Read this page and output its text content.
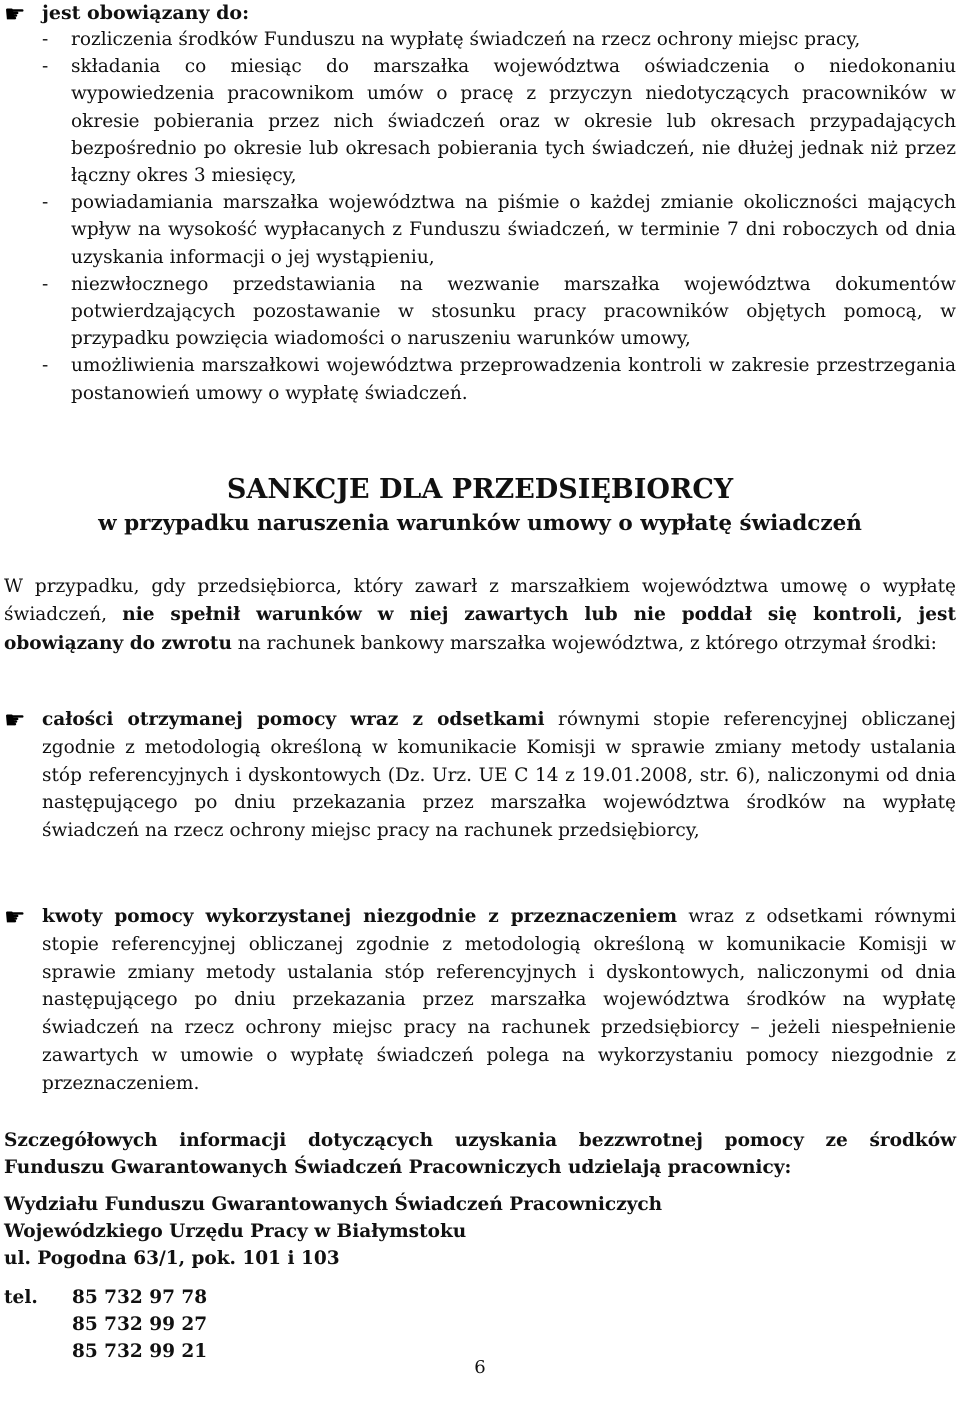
☛ jest obowiązany do:
- rozliczenia środków Funduszu na wypłatę świadczeń na rzecz ochrony miejsc pracy,
- składania co miesiąc do marszałka województwa oświadczenia o niedokonaniu wypowiedzenia pracownikom umów o pracę z przyczyn niedotyczących pracowników w okresie pobierania przez nich świadczeń oraz w okresie lub okresach przypadających bezpośrednio po okresie lub okresach pobierania tych świadczeń, nie dłużej jednak niż przez łączny okres 3 miesięcy,
- powiadamiania marszałka województwa na piśmie o każdej zmianie okoliczności mających wpływ na wysokość wypłacanych z Funduszu świadczeń, w terminie 7 dni roboczych od dnia uzyskania informacji o jej wystąpieniu,
- niezwłocznego przedstawiania na wezwanie marszałka województwa dokumentów potwierdzających pozostawanie w stosunku pracy pracowników objętych pomocą, w przypadku powzięcia wiadomości o naruszeniu warunków umowy,
- umożliwienia marszałkowi województwa przeprowadzenia kontroli w zakresie przestrzegania postanowień umowy o wypłatę świadczeń.
SANKCJE DLA PRZEDSIĘBIORCY
w przypadku naruszenia warunków umowy o wypłatę świadczeń

W przypadku, gdy przedsiębiorca, który zawarł z marszałkiem województwa umowę o wypłatę świadczeń, nie spełnił warunków w niej zawartych lub nie poddał się kontroli, jest obowiązany do zwrotu na rachunek bankowy marszałka województwa, z którego otrzymał środki:

☛ całości otrzymanej pomocy wraz z odsetkami równymi stopie referencyjnej obliczanej zgodnie z metodologią określoną w komunikacie Komisji w sprawie zmiany metody ustalania stóp referencyjnych i dyskontowych (Dz. Urz. UE C 14 z 19.01.2008, str. 6), naliczonymi od dnia następującego po dniu przekazania przez marszałka województwa środków na wypłatę świadczeń na rzecz ochrony miejsc pracy na rachunek przedsiębiorcy,

☛ kwoty pomocy wykorzystanej niezgodnie z przeznaczeniem wraz z odsetkami równymi stopie referencyjnej obliczanej zgodnie z metodologią określoną w komunikacie Komisji w sprawie zmiany metody ustalania stóp referencyjnych i dyskontowych, naliczonymi od dnia następującego po dniu przekazania przez marszałka województwa środków na wypłatę świadczeń na rzecz ochrony miejsc pracy na rachunek przedsiębiorcy – jeżeli niespełnienie zawartych w umowie o wypłatę świadczeń polega na wykorzystaniu pomocy niezgodnie z przeznaczeniem.

Szczegółowych informacji dotyczących uzyskania bezzwrotnej pomocy ze środków Funduszu Gwarantowanych Świadczeń Pracowniczych udzielają pracownicy:

Wydziału Funduszu Gwarantowanych Świadczeń Pracowniczych
Wojewódzkiego Urzędu Pracy w Białymstoku
ul. Pogodna 63/1, pok. 101 i 103
tel. 85 732 97 78
85 732 99 27
85 732 99 21
6
